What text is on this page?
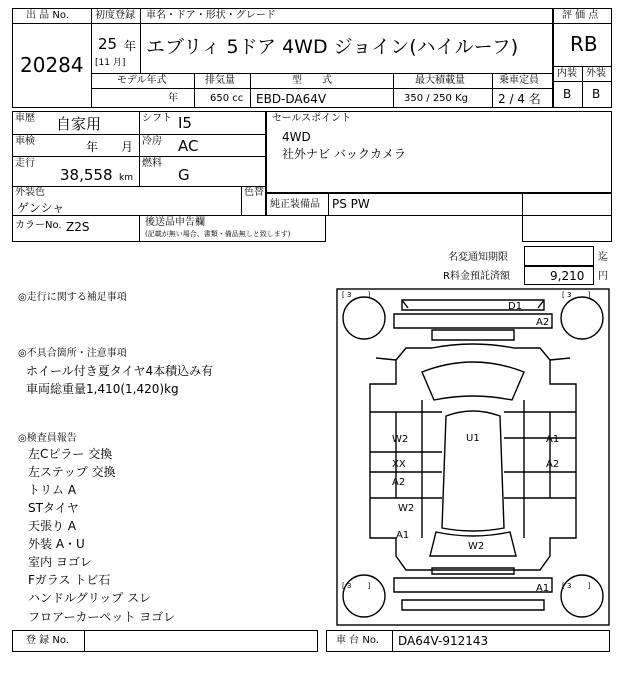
出 品 No.
20284
初度登録 車名・ドア・形状・グレード
25 年
[11 月]
エブリィ 5ドア 4WD ジョイン(ハイルーフ)
評 価 点
RB
内装 外装
B B
モデル年式	排気量	型　　式	最大積載量	乗車定員
年	650 cc EBD-DA64V	350 / 250 Kg	2 / 4 名
車歴 自家用	シフト I5
車検	年 月 冷房 AC
走行
38,558 km
燃料
G
セールスポイント
4WD
社外ナビ バックカメラ
外装色
ゲンシャ
色替
純正装備品 PS PW
カラーNo. Z2S	後送品申告欄
(記載が無い場合、書類・備品無しと致します)
名変通知期限	迄
R料金預託済額	9,210 円
◎走行に関する補足事項
◎不具合箇所・注意事項
ホイール付き夏タイヤ4本積込み有
車両総重量1,410(1,420)kg
◎検査員報告
左Cピラー 交換
左ステップ 交換
トリム A
STタイヤ
天張り A
外装 A・U
室内 ヨゴレ
Fガラス トビ石
ハンドルグリップ スレ
フロアーカーペット ヨゴレ
[ 3 　　]	[ 3 　　]
[ 3 　　]	[ 3 　　]
D1
A2
U1
W2
XX
A2
W2
A1
A1
A2
W2
A1
登 録 No.	車 台 No. DA64V-912143
